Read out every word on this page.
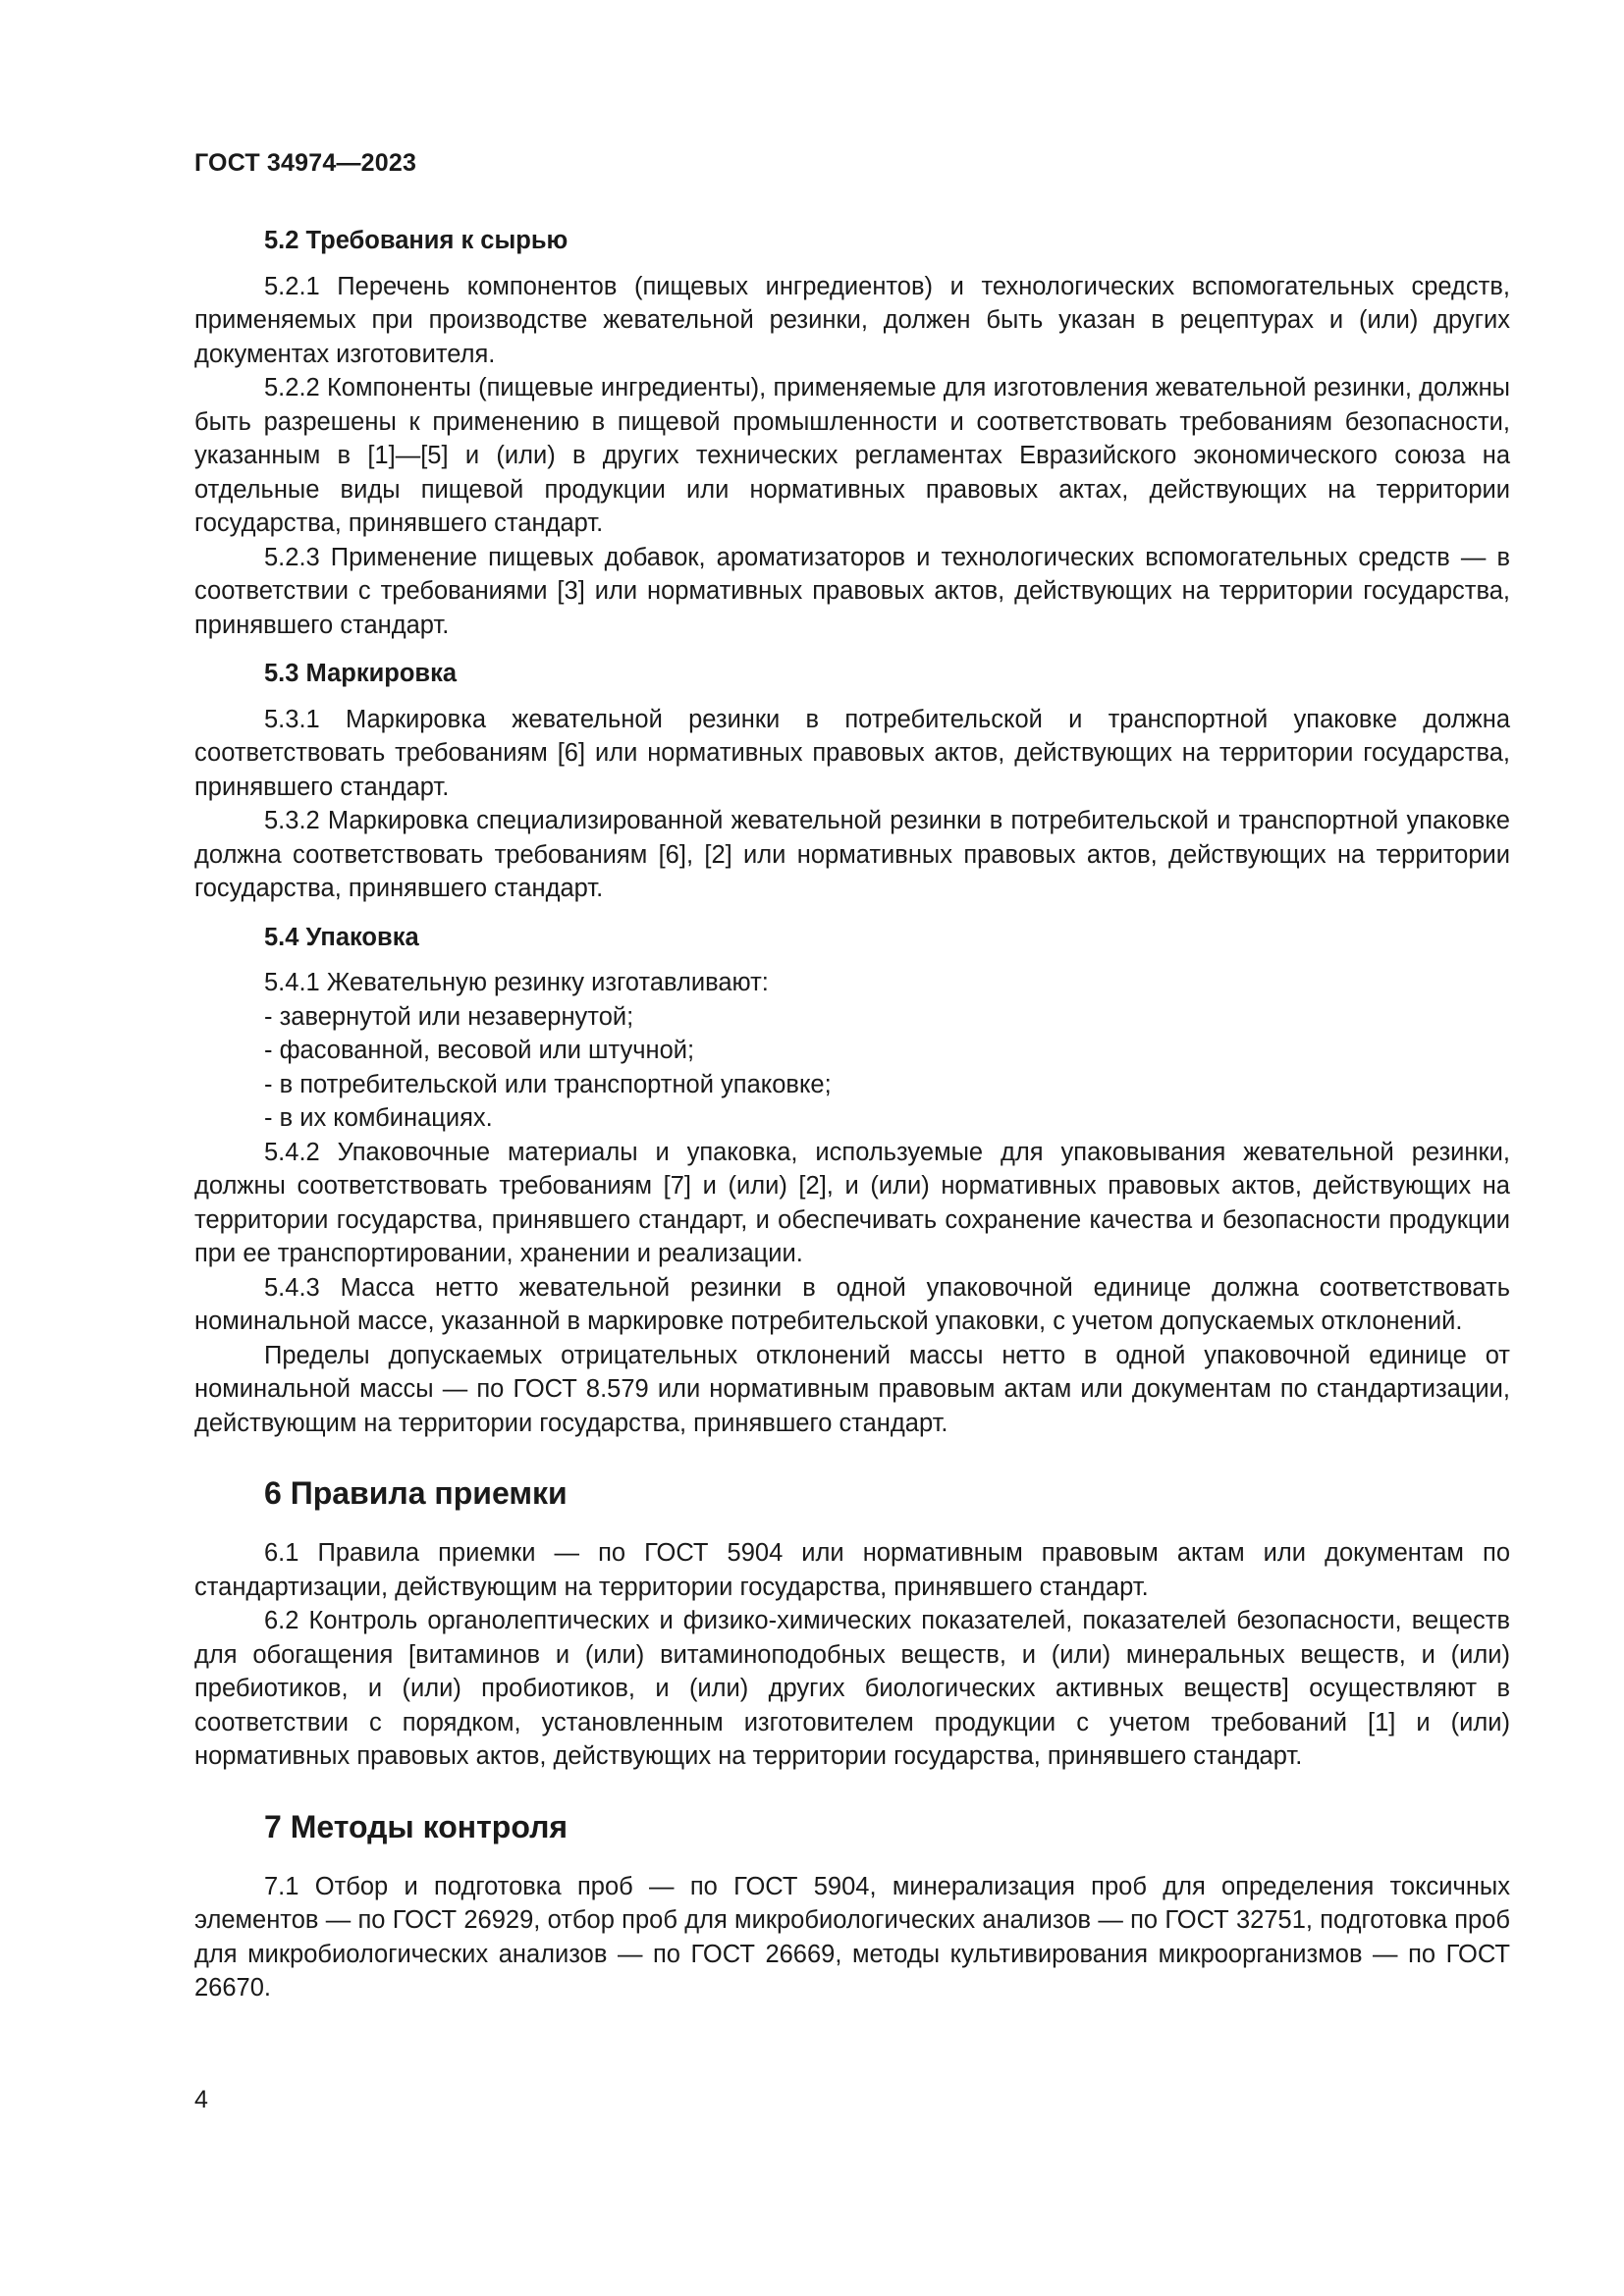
ГОСТ 34974—2023
5.2 Требования к сырью

5.2.1 Перечень компонентов (пищевых ингредиентов) и технологических вспомогательных средств, применяемых при производстве жевательной резинки, должен быть указан в рецептурах и (или) других документах изготовителя.

5.2.2 Компоненты (пищевые ингредиенты), применяемые для изготовления жевательной резинки, должны быть разрешены к применению в пищевой промышленности и соответствовать требованиям безопасности, указанным в [1]—[5] и (или) в других технических регламентах Евразийского экономического союза на отдельные виды пищевой продукции или нормативных правовых актах, действующих на территории государства, принявшего стандарт.

5.2.3 Применение пищевых добавок, ароматизаторов и технологических вспомогательных средств — в соответствии с требованиями [3] или нормативных правовых актов, действующих на территории государства, принявшего стандарт.

5.3 Маркировка

5.3.1 Маркировка жевательной резинки в потребительской и транспортной упаковке должна соответствовать требованиям [6] или нормативных правовых актов, действующих на территории государства, принявшего стандарт.

5.3.2 Маркировка специализированной жевательной резинки в потребительской и транспортной упаковке должна соответствовать требованиям [6], [2] или нормативных правовых актов, действующих на территории государства, принявшего стандарт.

5.4 Упаковка

5.4.1 Жевательную резинку изготавливают:

- завернутой или незавернутой;

- фасованной, весовой или штучной;

- в потребительской или транспортной упаковке;

- в их комбинациях.

5.4.2 Упаковочные материалы и упаковка, используемые для упаковывания жевательной резинки, должны соответствовать требованиям [7] и (или) [2], и (или) нормативных правовых актов, действующих на территории государства, принявшего стандарт, и обеспечивать сохранение качества и безопасности продукции при ее транспортировании, хранении и реализации.

5.4.3 Масса нетто жевательной резинки в одной упаковочной единице должна соответствовать номинальной массе, указанной в маркировке потребительской упаковки, с учетом допускаемых отклонений.

Пределы допускаемых отрицательных отклонений массы нетто в одной упаковочной единице от номинальной массы — по ГОСТ 8.579 или нормативным правовым актам или документам по стандартизации, действующим на территории государства, принявшего стандарт.

6 Правила приемки

6.1 Правила приемки — по ГОСТ 5904 или нормативным правовым актам или документам по стандартизации, действующим на территории государства, принявшего стандарт.

6.2 Контроль органолептических и физико-химических показателей, показателей безопасности, веществ для обогащения [витаминов и (или) витаминоподобных веществ, и (или) минеральных веществ, и (или) пребиотиков, и (или) пробиотиков, и (или) других биологических активных веществ] осуществляют в соответствии с порядком, установленным изготовителем продукции с учетом требований [1] и (или) нормативных правовых актов, действующих на территории государства, принявшего стандарт.

7 Методы контроля

7.1 Отбор и подготовка проб — по ГОСТ 5904, минерализация проб для определения токсичных элементов — по ГОСТ 26929, отбор проб для микробиологических анализов — по ГОСТ 32751, подготовка проб для микробиологических анализов — по ГОСТ 26669, методы культивирования микроорганизмов — по ГОСТ 26670.

4
